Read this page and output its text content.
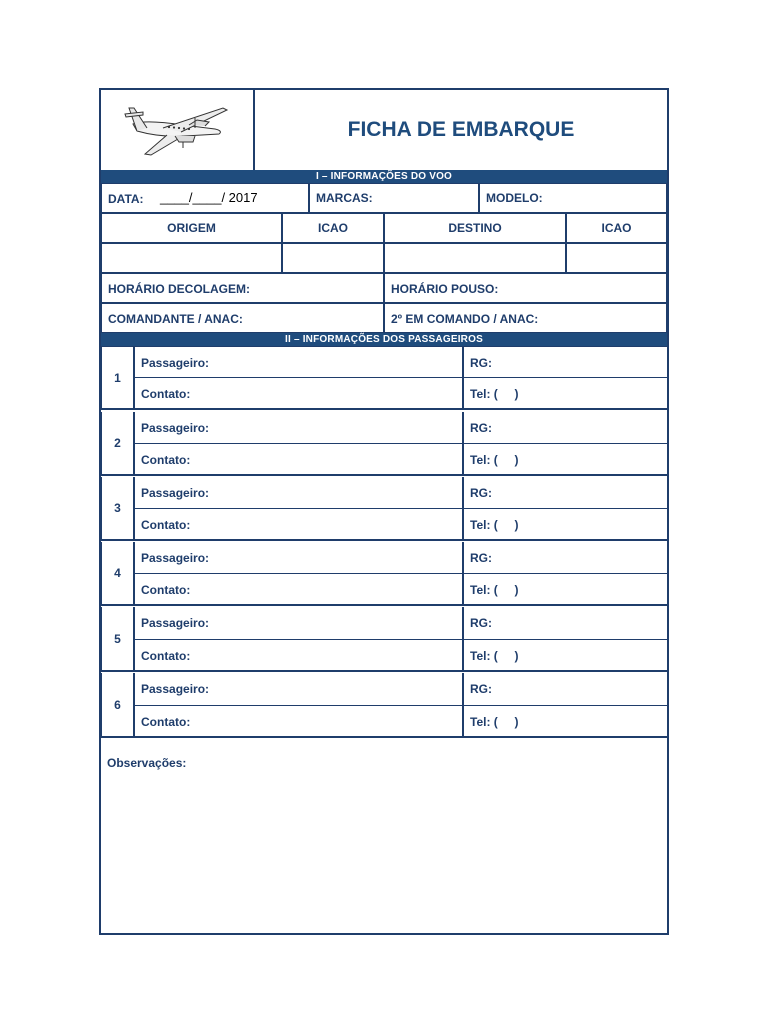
FICHA DE EMBARQUE
I – INFORMAÇÕES DO VOO
DATA: ____/____/ 2017	MARCAS:	MODELO:
ORIGEM	ICAO	DESTINO	ICAO
HORÁRIO DECOLAGEM:	HORÁRIO POUSO:
COMANDANTE / ANAC:	2º EM COMANDO / ANAC:
II – INFORMAÇÕES DOS PASSAGEIROS
1
Passageiro:	RG:
Contato:	Tel: (     )
2
Passageiro:	RG:
Contato:	Tel: (     )
3
Passageiro:	RG:
Contato:	Tel: (     )
4
Passageiro:	RG:
Contato:	Tel: (     )
5
Passageiro:	RG:
Contato:	Tel: (     )
6
Passageiro:	RG:
Contato:	Tel: (     )
Observações:
